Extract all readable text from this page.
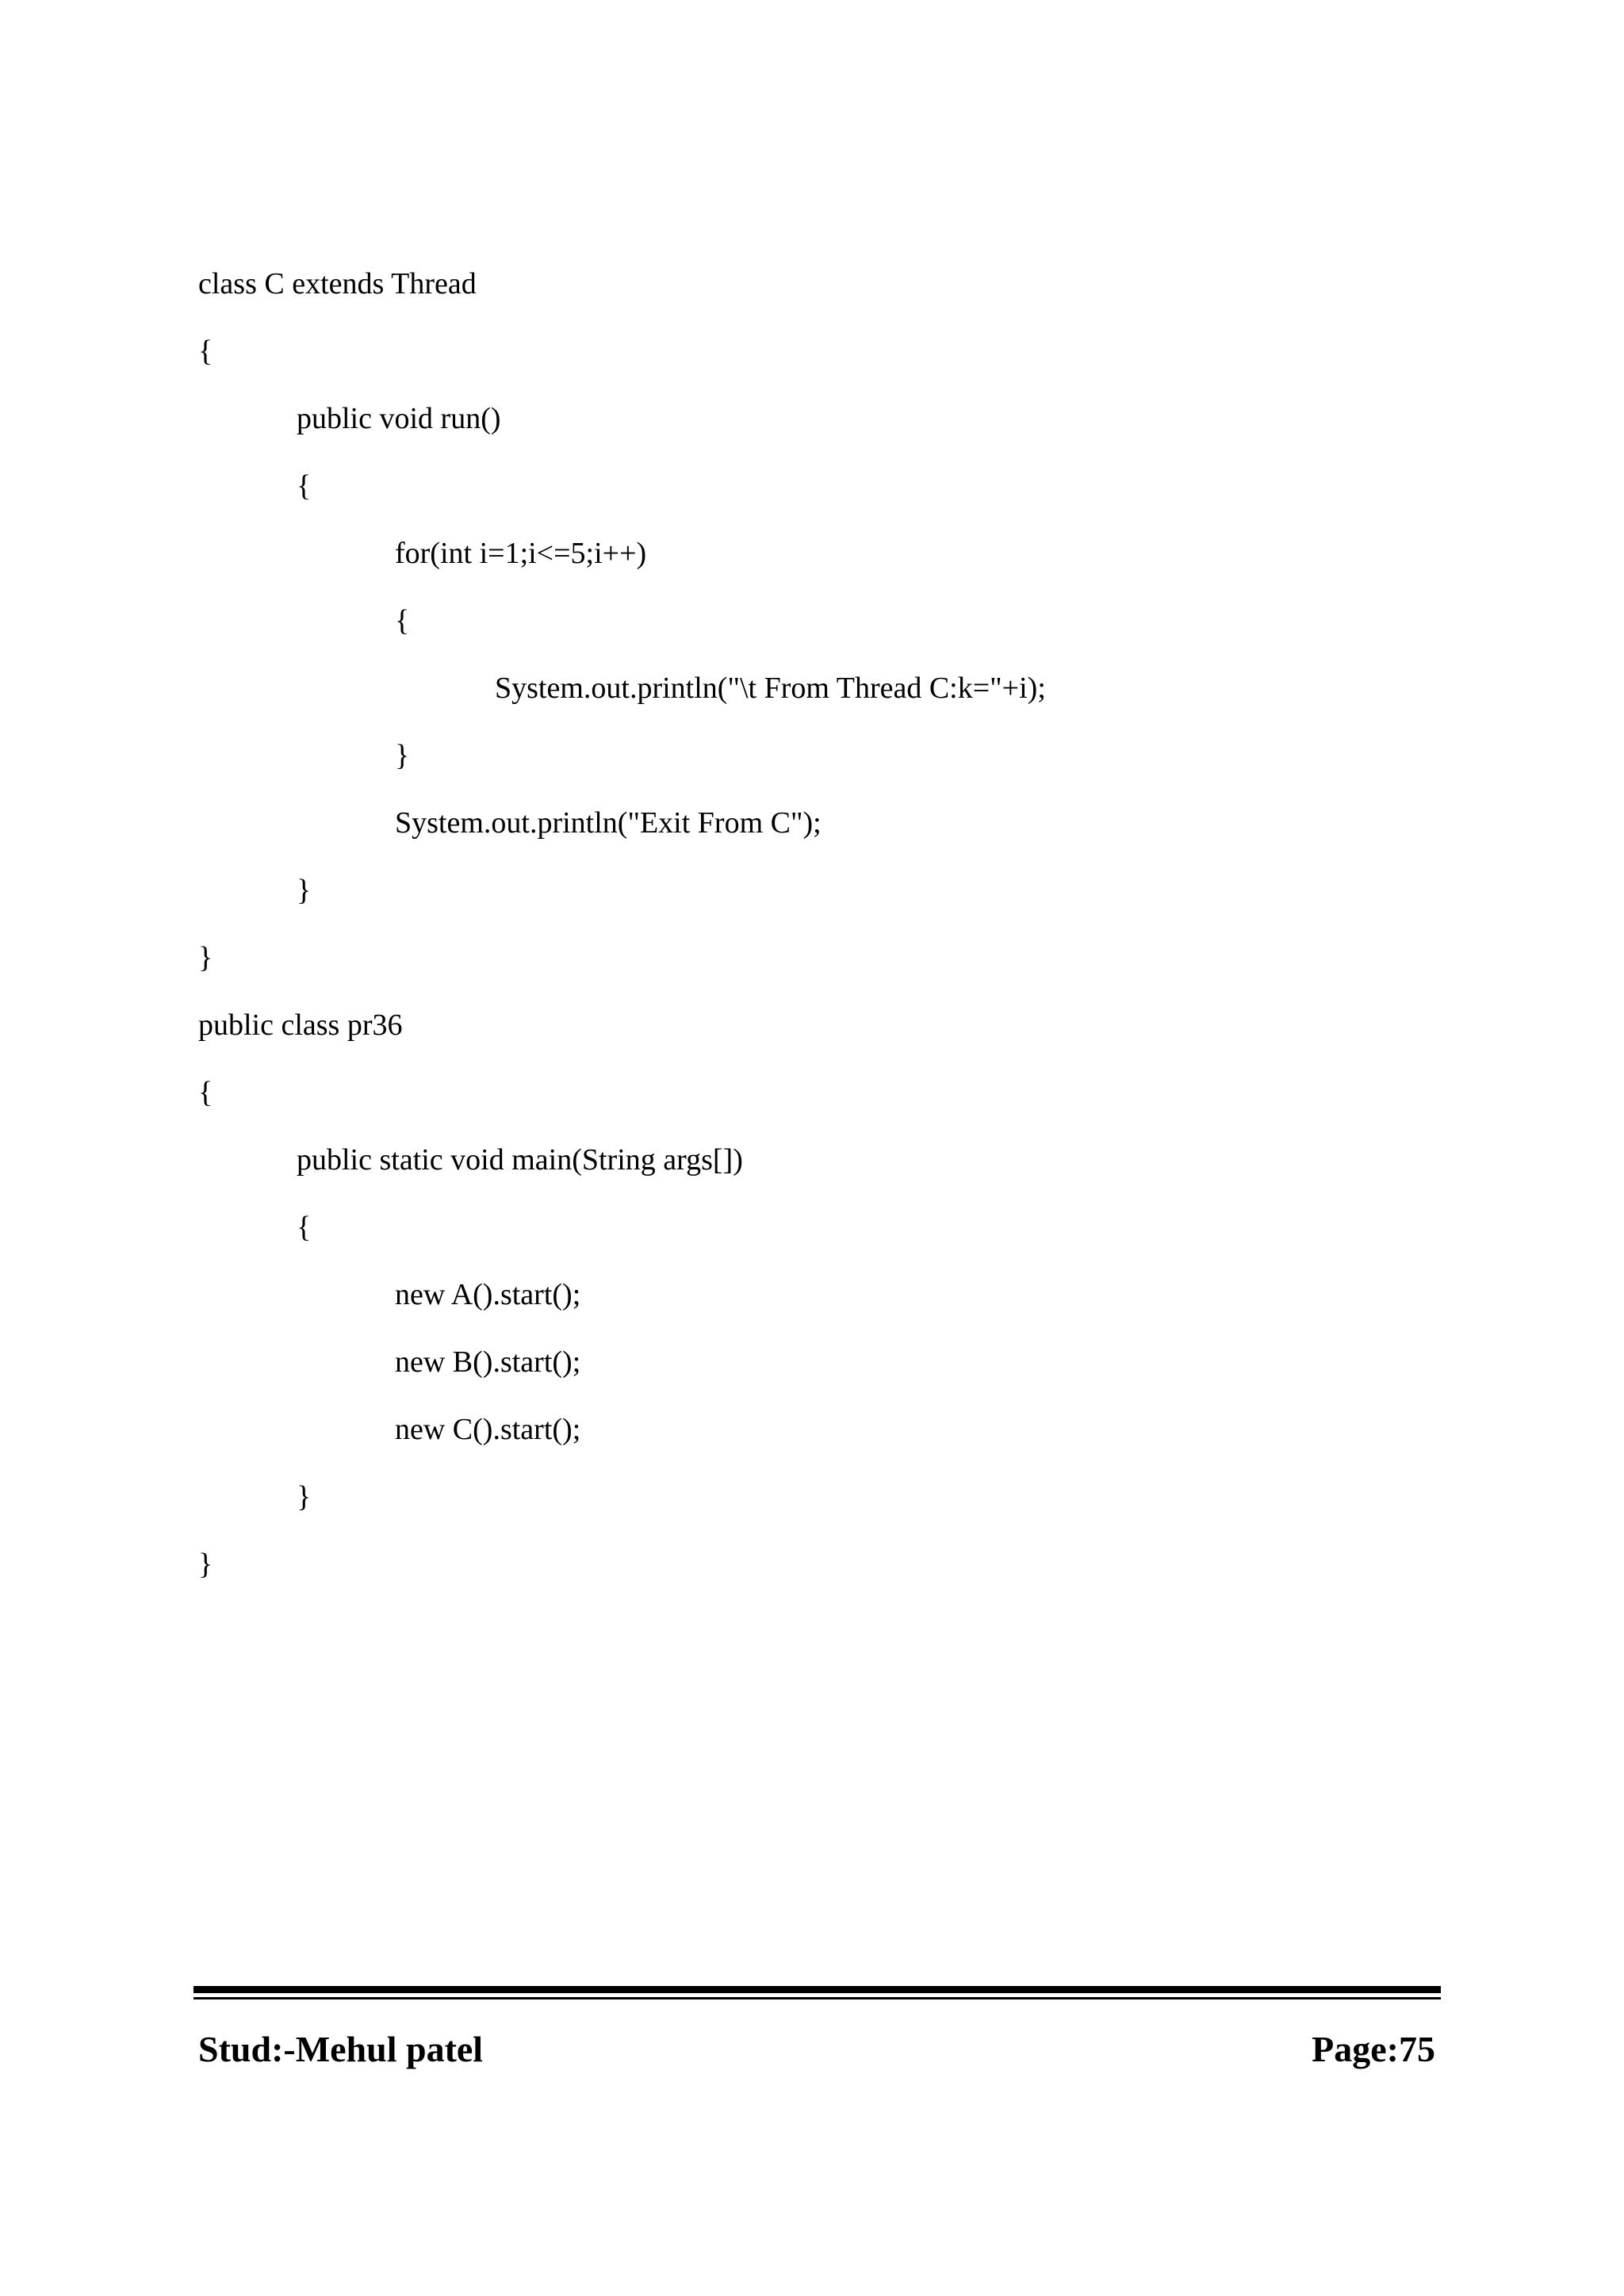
class C extends Thread
{
public void run()
{
for(int i=1;i<=5;i++)
{
System.out.println("\t From Thread C:k="+i);
}
System.out.println("Exit From C");
}
}
public class pr36
{
public static void main(String args[])
{
new A().start();
new B().start();
new C().start();
}
}
Stud:-Mehul patel	Page:75
